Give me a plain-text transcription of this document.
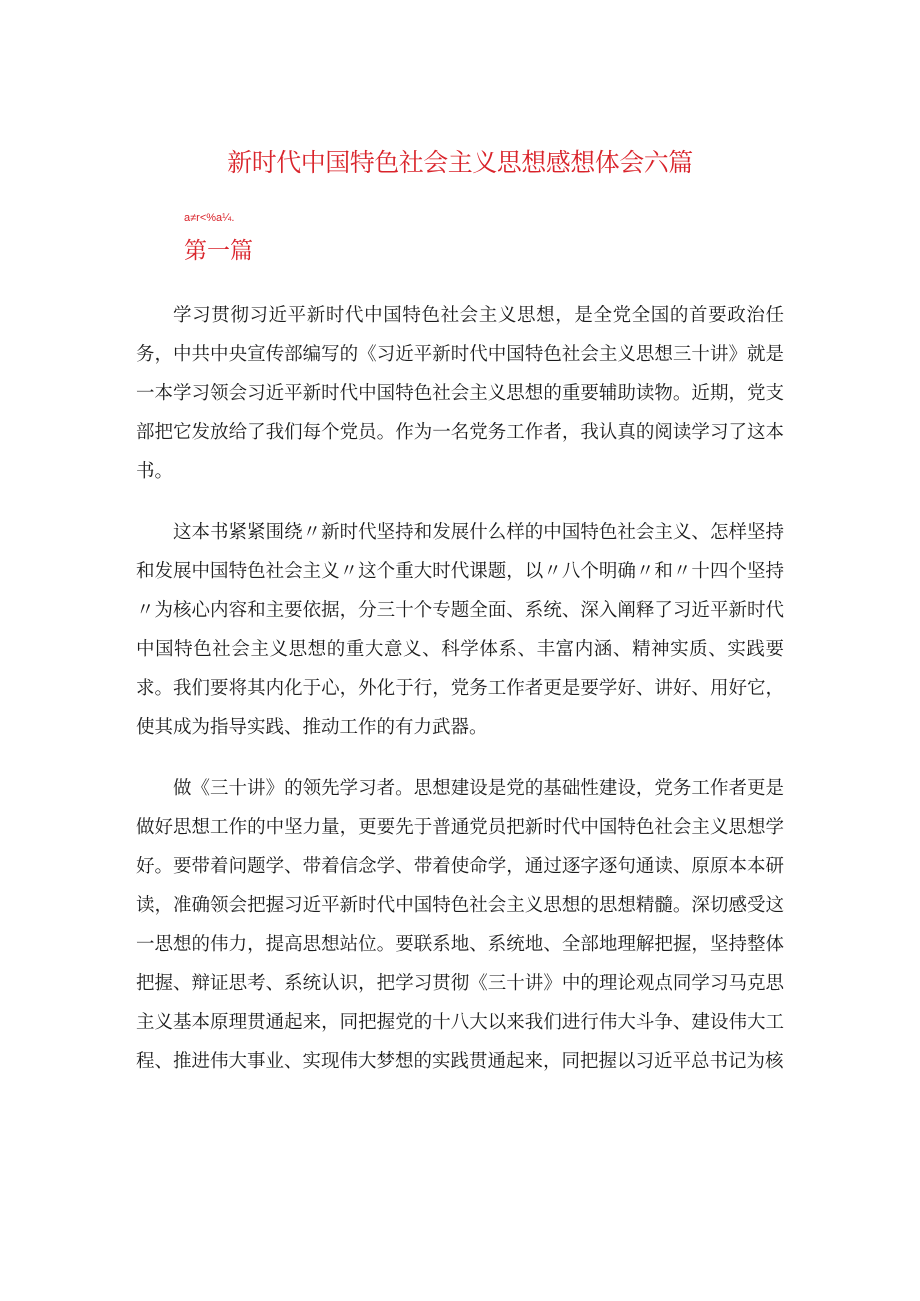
新时代中国特色社会主义思想感想体会六篇
a≠r<%a¼.
第一篇

学习贯彻习近平新时代中国特色社会主义思想，是全党全国的首要政治任务，中共中央宣传部编写的《习近平新时代中国特色社会主义思想三十讲》就是一本学习领会习近平新时代中国特色社会主义思想的重要辅助读物。近期，党支部把它发放给了我们每个党员。作为一名党务工作者，我认真的阅读学习了这本书。

这本书紧紧围绕〃新时代坚持和发展什么样的中国特色社会主义、怎样坚持和发展中国特色社会主义〃这个重大时代课题，以〃八个明确〃和〃十四个坚持〃为核心内容和主要依据，分三十个专题全面、系统、深入阐释了习近平新时代中国特色社会主义思想的重大意义、科学体系、丰富内涵、精神实质、实践要求。我们要将其内化于心，外化于行，党务工作者更是要学好、讲好、用好它，使其成为指导实践、推动工作的有力武器。

做《三十讲》的领先学习者。思想建设是党的基础性建设，党务工作者更是做好思想工作的中坚力量，更要先于普通党员把新时代中国特色社会主义思想学好。要带着问题学、带着信念学、带着使命学，通过逐字逐句通读、原原本本研读，准确领会把握习近平新时代中国特色社会主义思想的思想精髓。深切感受这一思想的伟力，提高思想站位。要联系地、系统地、全部地理解把握，坚持整体把握、辩证思考、系统认识，把学习贯彻《三十讲》中的理论观点同学习马克思主义基本原理贯通起来，同把握党的十八大以来我们进行伟大斗争、建设伟大工程、推进伟大事业、实现伟大梦想的实践贯通起来，同把握以习近平总书记为核
